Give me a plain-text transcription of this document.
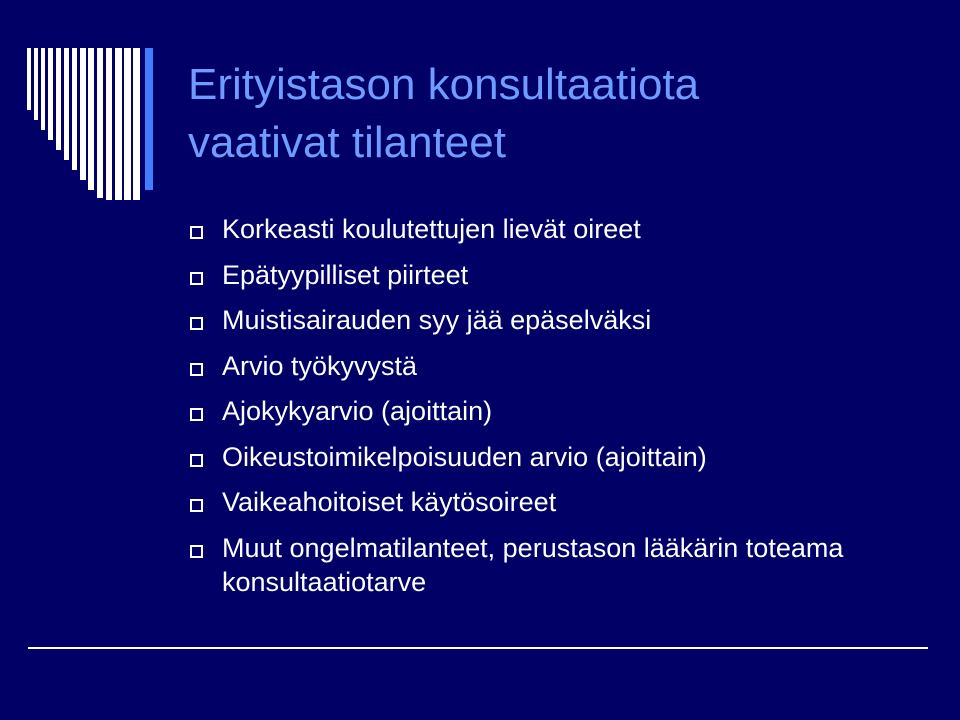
Erityistason konsultaatiota
vaativat tilanteet
Korkeasti koulutettujen lievät oireet
Epätyypilliset piirteet
Muistisairauden syy jää epäselväksi
Arvio työkyvystä
Ajokykyarvio (ajoittain)
Oikeustoimikelpoisuuden arvio (ajoittain)
Vaikeahoitoiset käytösoireet
Muut ongelmatilanteet, perustason lääkärin toteama konsultaatiotarve
